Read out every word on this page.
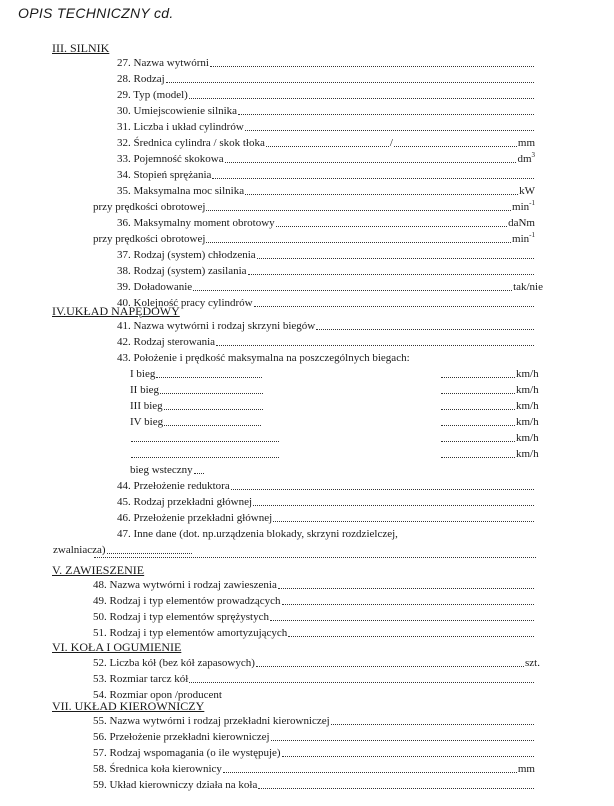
OPIS TECHNICZNY cd.
III. SILNIK
27. Nazwa wytwórni
28. Rodzaj
29. Typ (model)
30. Umiejscowienie silnika
31. Liczba i układ cylindrów
32. Średnica cylindra / skok tłoka	/	mm
33. Pojemność skokowa	$dm^3$
34. Stopień sprężania
35. Maksymalna moc silnika	kW
przy prędkości obrotowej	$\min^{-1}$
36. Maksymalny moment obrotowy	daNm
przy prędkości obrotowej	$\min^{-1}$
37. Rodzaj (system) chłodzenia
38. Rodzaj (system) zasilania
39. Doładowanie	tak/nie
40. Kolejność pracy cylindrów
IV.UKŁAD NAPĘDOWY
41. Nazwa wytwórni i rodzaj skrzyni biegów
42. Rodzaj sterowania
43. Położenie i prędkość maksymalna na poszczególnych biegach:
I bieg	km/h
II bieg	km/h
III bieg	km/h
IV bieg	km/h
km/h
km/h
bieg wsteczny
44. Przełożenie reduktora
45. Rodzaj przekładni głównej
46. Przełożenie przekładni głównej
47. Inne dane (dot. np.urządzenia blokady, skrzyni rozdzielczej,
zwalniacza)
V. ZAWIESZENIE
48. Nazwa wytwórni i rodzaj zawieszenia
49. Rodzaj i typ elementów prowadzących
50. Rodzaj i typ elementów sprężystych
51. Rodzaj i typ elementów amortyzujących
VI. KOŁA I OGUMIENIE
52. Liczba kół (bez kół zapasowych)	szt.
53. Rozmiar tarcz kół
54. Rozmiar opon /producent
VII. UKŁAD KIEROWNICZY
55. Nazwa wytwórni i rodzaj przekładni kierowniczej
56. Przełożenie przekładni kierowniczej
57. Rodzaj wspomagania (o ile występuje)
58. Średnica koła kierownicy	mm
59. Układ kierowniczy działa na koła
